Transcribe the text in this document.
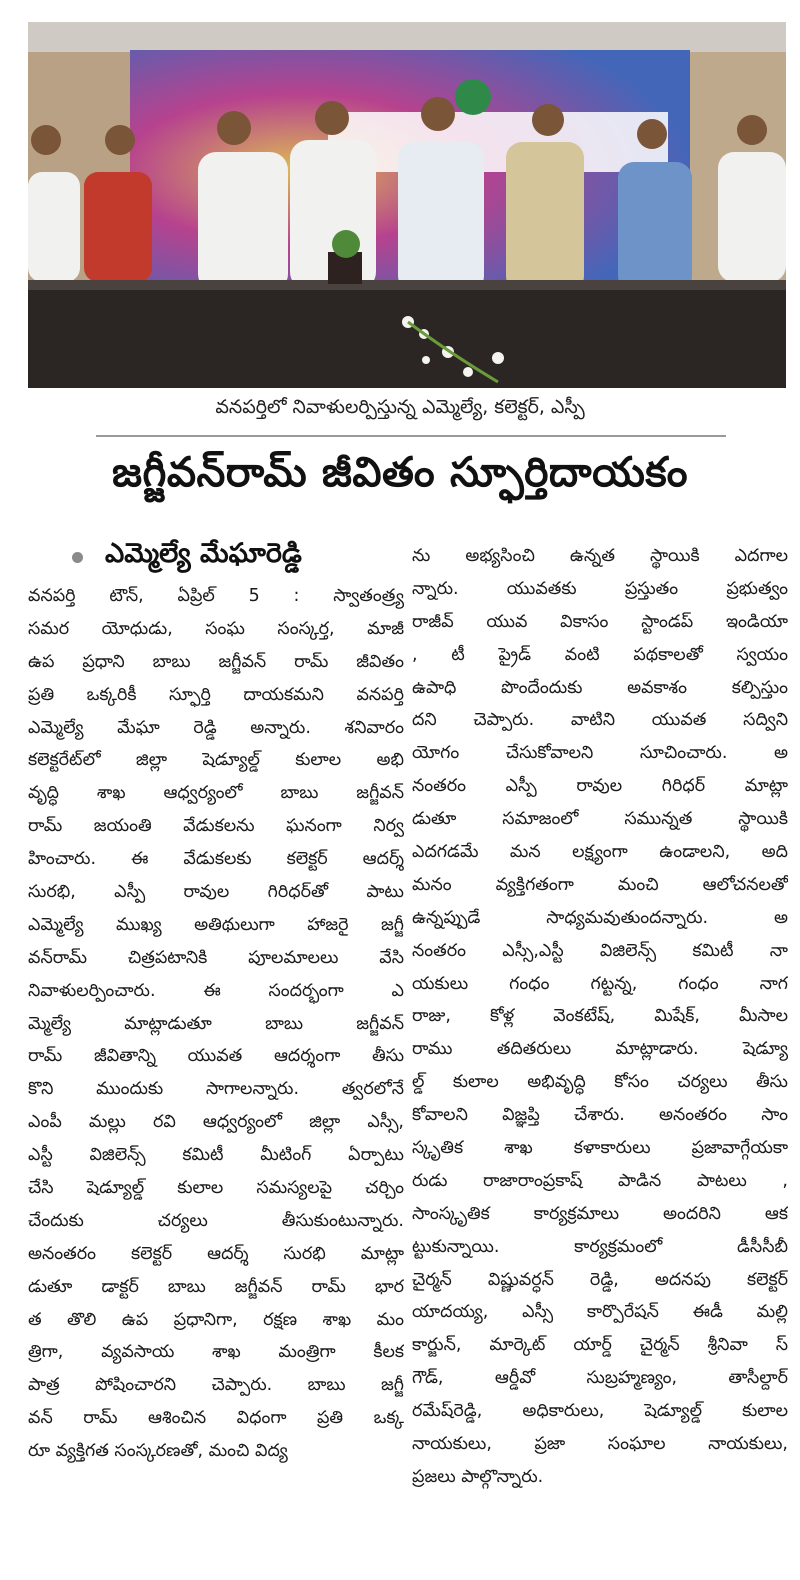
వనపర్తిలో నివాళులర్పిస్తున్న ఎమ్మెల్యే, కలెక్టర్, ఎస్పీ
జగ్జీవన్‌రామ్ జీవితం స్ఫూర్తిదాయకం
ఎమ్మెల్యే మేఘారెడ్డి
వనపర్తి టౌన్, ఏప్రిల్ 5 : స్వాతంత్ర్య
సమర యోధుడు, సంఘ సంస్కర్త, మాజీ
ఉప ప్రధాని బాబు జగ్జీవన్ రామ్ జీవితం
ప్రతి ఒక్కరికీ స్ఫూర్తి దాయకమని వనపర్తి
ఎమ్మెల్యే మేఘా రెడ్డి అన్నారు. శనివారం
కలెక్టరేట్‌లో జిల్లా షెడ్యూల్డ్ కులాల అభి
వృద్ధి శాఖ ఆధ్వర్యంలో బాబు జగ్జీవన్
రామ్ జయంతి వేడుకలను ఘనంగా నిర్వ
హించారు. ఈ వేడుకలకు కలెక్టర్ ఆదర్శ్
సురభి, ఎస్పీ రావుల గిరిధర్‌తో పాటు
ఎమ్మెల్యే ముఖ్య అతిథులుగా హాజరై జగ్జీ
వన్‌రామ్ చిత్రపటానికి పూలమాలలు వేసి
నివాళులర్పించారు. ఈ సందర్భంగా ఎ
మ్మెల్యే మాట్లాడుతూ బాబు జగ్జీవన్
రామ్ జీవితాన్ని యువత ఆదర్శంగా తీసు
కొని ముందుకు సాగాలన్నారు. త్వరలోనే
ఎంపీ మల్లు రవి ఆధ్వర్యంలో జిల్లా ఎస్సీ,
ఎస్టీ విజిలెన్స్ కమిటీ మీటింగ్ ఏర్పాటు
చేసి షెడ్యూల్డ్ కులాల సమస్యలపై చర్చిం
చేందుకు చర్యలు తీసుకుంటున్నారు.
అనంతరం కలెక్టర్ ఆదర్శ్ సురభి మాట్లా
డుతూ డాక్టర్ బాబు జగ్జీవన్ రామ్ భార
త తొలి ఉప ప్రధానిగా, రక్షణ శాఖ మం
త్రిగా, వ్యవసాయ శాఖ మంత్రిగా కీలక
పాత్ర పోషించారని చెప్పారు. బాబు జగ్జీ
వన్ రామ్ ఆశించిన విధంగా ప్రతి ఒక్క
రూ వ్యక్తిగత సంస్కరణతో, మంచి విద్య
ను అభ్యసించి ఉన్నత స్థాయికి ఎదగాల
న్నారు. యువతకు ప్రస్తుతం ప్రభుత్వం
రాజీవ్ యువ వికాసం స్టాండప్ ఇండియా
, టీ ప్రైడ్ వంటి పథకాలతో స్వయం
ఉపాధి పొందేందుకు అవకాశం కల్పిస్తుం
దని చెప్పారు. వాటిని యువత సద్విని
యోగం చేసుకోవాలని సూచించారు. అ
నంతరం ఎస్పీ రావుల గిరిధర్ మాట్లా
డుతూ సమాజంలో సమున్నత స్థాయికి
ఎదగడమే మన లక్ష్యంగా ఉండాలని, అది
మనం వ్యక్తిగతంగా మంచి ఆలోచనలతో
ఉన్నప్పుడే సాధ్యమవుతుందన్నారు. అ
నంతరం ఎస్సీ,ఎస్టీ విజిలెన్స్ కమిటీ నా
యకులు గంధం గట్టన్న, గంధం నాగ
రాజు, కోళ్ల వెంకటేష్, మిషేక్, మీసాల
రాము తదితరులు మాట్లాడారు. షెడ్యూ
ల్డ్ కులాల అభివృద్ధి కోసం చర్యలు తీసు
కోవాలని విజ్ఞప్తి చేశారు. అనంతరం సాం
స్కృతిక శాఖ కళాకారులు ప్రజావాగ్గేయకా
రుడు రాజారాంప్రకాష్ పాడిన పాటలు ,
సాంస్కృతిక కార్యక్రమాలు అందరిని ఆక
ట్టుకున్నాయి. కార్యక్రమంలో డీసీసీబీ
చైర్మన్ విష్ణువర్ధన్ రెడ్డి, అదనపు కలెక్టర్
యాదయ్య, ఎస్సీ కార్పొరేషన్ ఈడీ మల్లి
కార్జున్, మార్కెట్ యార్డ్ చైర్మన్ శ్రీనివా స్
గౌడ్, ఆర్డీవో సుబ్రహ్మణ్యం, తాసీల్దార్
రమేష్‌రెడ్డి, అధికారులు, షెడ్యూల్డ్ కులాల
నాయకులు, ప్రజా సంఘాల నాయకులు,
ప్రజలు పాల్గొన్నారు.
